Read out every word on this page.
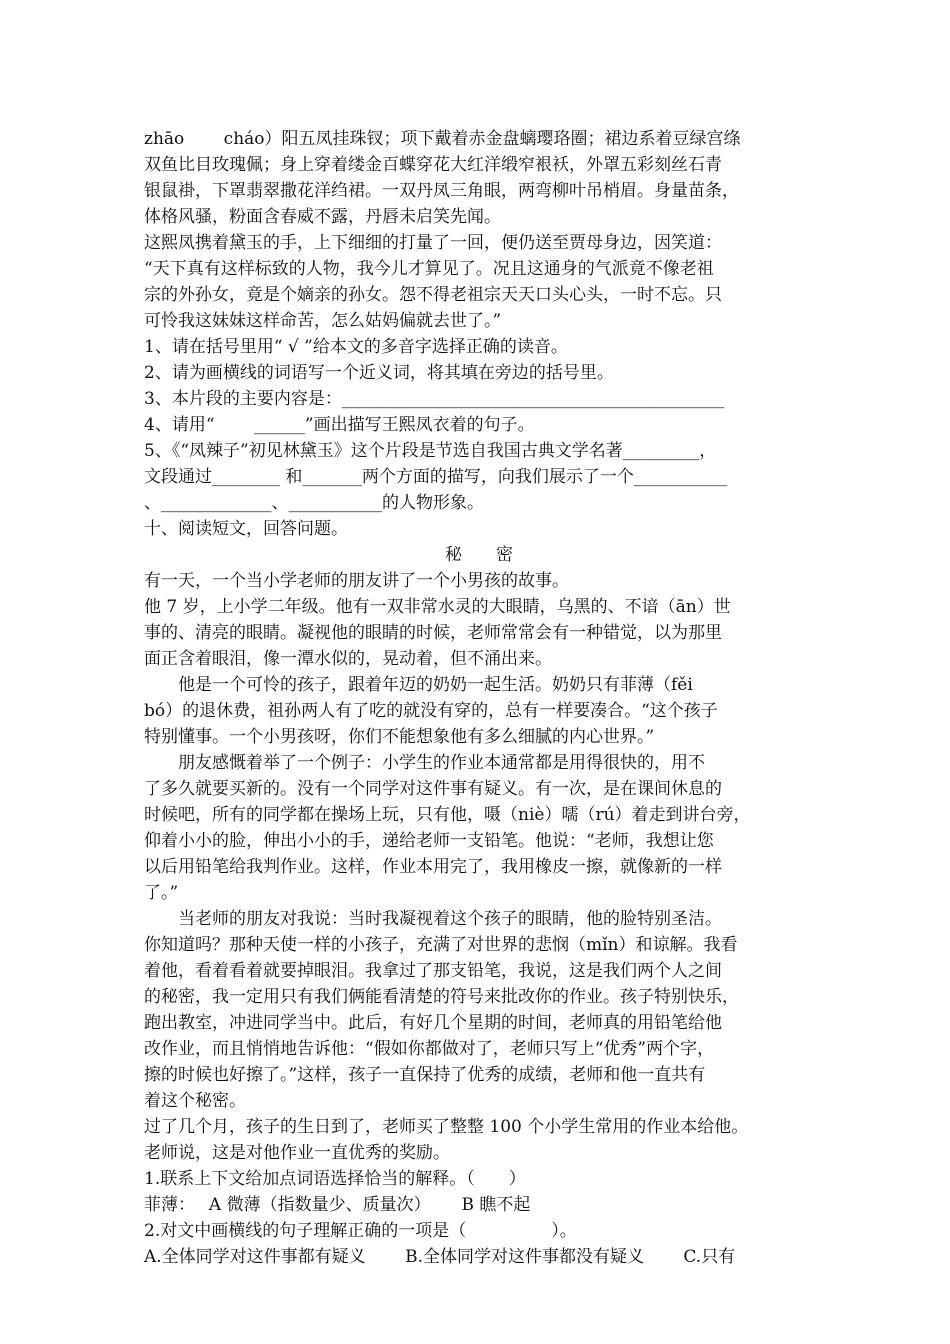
zhāo　　 cháo）阳五凤挂珠钗；项下戴着赤金盘螭璎珞圈；裙边系着豆绿宫绦
双鱼比目玫瑰佩；身上穿着缕金百蝶穿花大红洋缎窄裉袄，外罩五彩刻丝石青
银鼠褂，下罩翡翠撒花洋绉裙。一双丹凤三角眼，两弯柳叶吊梢眉。身量苗条，
体格风骚，粉面含春威不露，丹唇未启笑先闻。
这熙凤携着黛玉的手，上下细细的打量了一回，便仍送至贾母身边，因笑道：
“天下真有这样标致的人物，我今儿才算见了。况且这通身的气派竟不像老祖
宗的外孙女，竟是个嫡亲的孙女。怨不得老祖宗天天口头心头，一时不忘。只
可怜我这妹妹这样命苦，怎么姑妈偏就去世了。”
1、请在括号里用“ √ ”给本文的多音字选择正确的读音。
2、请为画横线的词语写一个近义词，将其填在旁边的括号里。
3、本片段的主要内容是：_____________________________________________
4、请用“　　 ______”画出描写王熙凤衣着的句子。
5、《“凤辣子”初见林黛玉》这个片段是节选自我国古典文学名著_________，
文段通过________ 和_______两个方面的描写，向我们展示了一个___________
、_____________、___________的人物形象。
十、阅读短文，回答问题。
秘　　密
有一天，一个当小学老师的朋友讲了一个小男孩的故事。
他 7 岁，上小学二年级。他有一双非常水灵的大眼睛，乌黑的、不谙（ān）世
事的、清亮的眼睛。凝视他的眼睛的时候，老师常常会有一种错觉，以为那里
面正含着眼泪，像一潭水似的，晃动着，但不涌出来。
　　他是一个可怜的孩子，跟着年迈的奶奶一起生活。奶奶只有菲薄（fěi
bó）的退休费，祖孙两人有了吃的就没有穿的，总有一样要凑合。“这个孩子
特别懂事。一个小男孩呀，你们不能想象他有多么细腻的内心世界。”
　　朋友感慨着举了一个例子：小学生的作业本通常都是用得很快的，用不
了多久就要买新的。没有一个同学对这件事有疑义。有一次，是在课间休息的
时候吧，所有的同学都在操场上玩，只有他，嗫（niè）嚅（rú）着走到讲台旁，
仰着小小的脸，伸出小小的手，递给老师一支铅笔。他说：“老师，我想让您
以后用铅笔给我判作业。这样，作业本用完了，我用橡皮一擦，就像新的一样
了。”
　　当老师的朋友对我说：当时我凝视着这个孩子的眼睛，他的脸特别圣洁。
你知道吗？那种天使一样的小孩子，充满了对世界的悲悯（mǐn）和谅解。我看
着他，看着看着就要掉眼泪。我拿过了那支铅笔，我说，这是我们两个人之间
的秘密，我一定用只有我们俩能看清楚的符号来批改你的作业。孩子特别快乐，
跑出教室，冲进同学当中。此后，有好几个星期的时间，老师真的用铅笔给他
改作业，而且悄悄地告诉他：“假如你都做对了，老师只写上“优秀”两个字，
擦的时候也好擦了。”这样，孩子一直保持了优秀的成绩，老师和他一直共有
着这个秘密。
过了几个月，孩子的生日到了，老师买了整整 100 个小学生常用的作业本给他。
老师说，这是对他作业一直优秀的奖励。
1.联系上下文给加点词语选择恰当的解释。（　　）
菲薄：　 A 微薄（指数量少、质量次）　　 B 瞧不起
2.对文中画横线的句子理解正确的一项是（　　　　　）。
A.全体同学对这件事都有疑义　　 B.全体同学对这件事都没有疑义　　 C.只有
